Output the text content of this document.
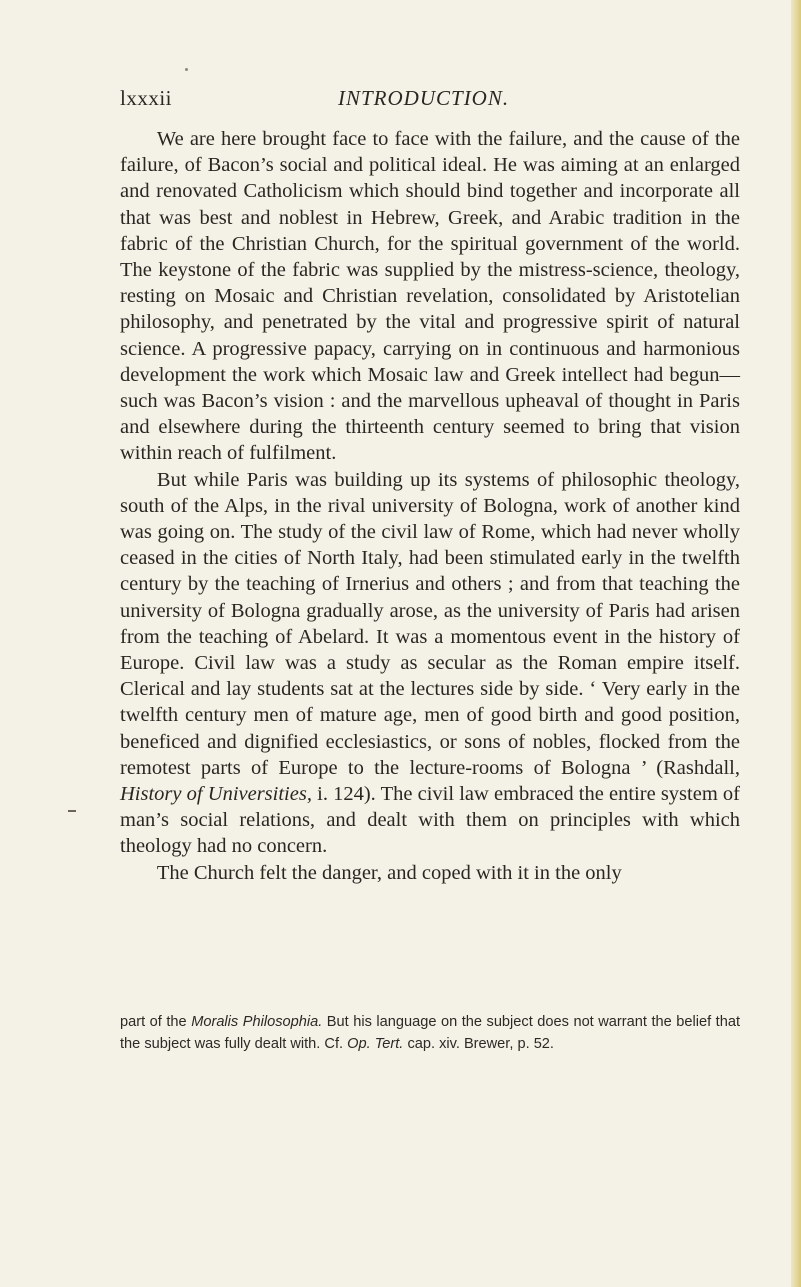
lxxxii	INTRODUCTION.

We are here brought face to face with the failure, and the cause of the failure, of Bacon’s social and political ideal. He was aiming at an enlarged and renovated Catholicism which should bind together and incorporate all that was best and noblest in Hebrew, Greek, and Arabic tradition in the fabric of the Christian Church, for the spiritual government of the world. The keystone of the fabric was supplied by the mistress-science, theology, resting on Mosaic and Christian revelation, consolidated by Aristotelian philosophy, and penetrated by the vital and progressive spirit of natural science. A progressive papacy, carrying on in continuous and harmonious development the work which Mosaic law and Greek intellect had begun—such was Bacon’s vision : and the marvellous upheaval of thought in Paris and elsewhere during the thirteenth century seemed to bring that vision within reach of fulfilment.

But while Paris was building up its systems of philosophic theology, south of the Alps, in the rival university of Bologna, work of another kind was going on. The study of the civil law of Rome, which had never wholly ceased in the cities of North Italy, had been stimulated early in the twelfth century by the teaching of Irnerius and others ; and from that teaching the university of Bologna gradually arose, as the university of Paris had arisen from the teaching of Abelard. It was a momentous event in the history of Europe. Civil law was a study as secular as the Roman empire itself. Clerical and lay students sat at the lectures side by side. ‘ Very early in the twelfth century men of mature age, men of good birth and good position, beneficed and dignified ecclesiastics, or sons of nobles, flocked from the remotest parts of Europe to the lecture-rooms of Bologna ’ (Rashdall, History of Universities, i. 124). The civil law embraced the entire system of man’s social relations, and dealt with them on principles with which theology had no concern.

The Church felt the danger, and coped with it in the only

part of the Moralis Philosophia. But his language on the subject does not warrant the belief that the subject was fully dealt with. Cf. Op. Tert. cap. xiv. Brewer, p. 52.
